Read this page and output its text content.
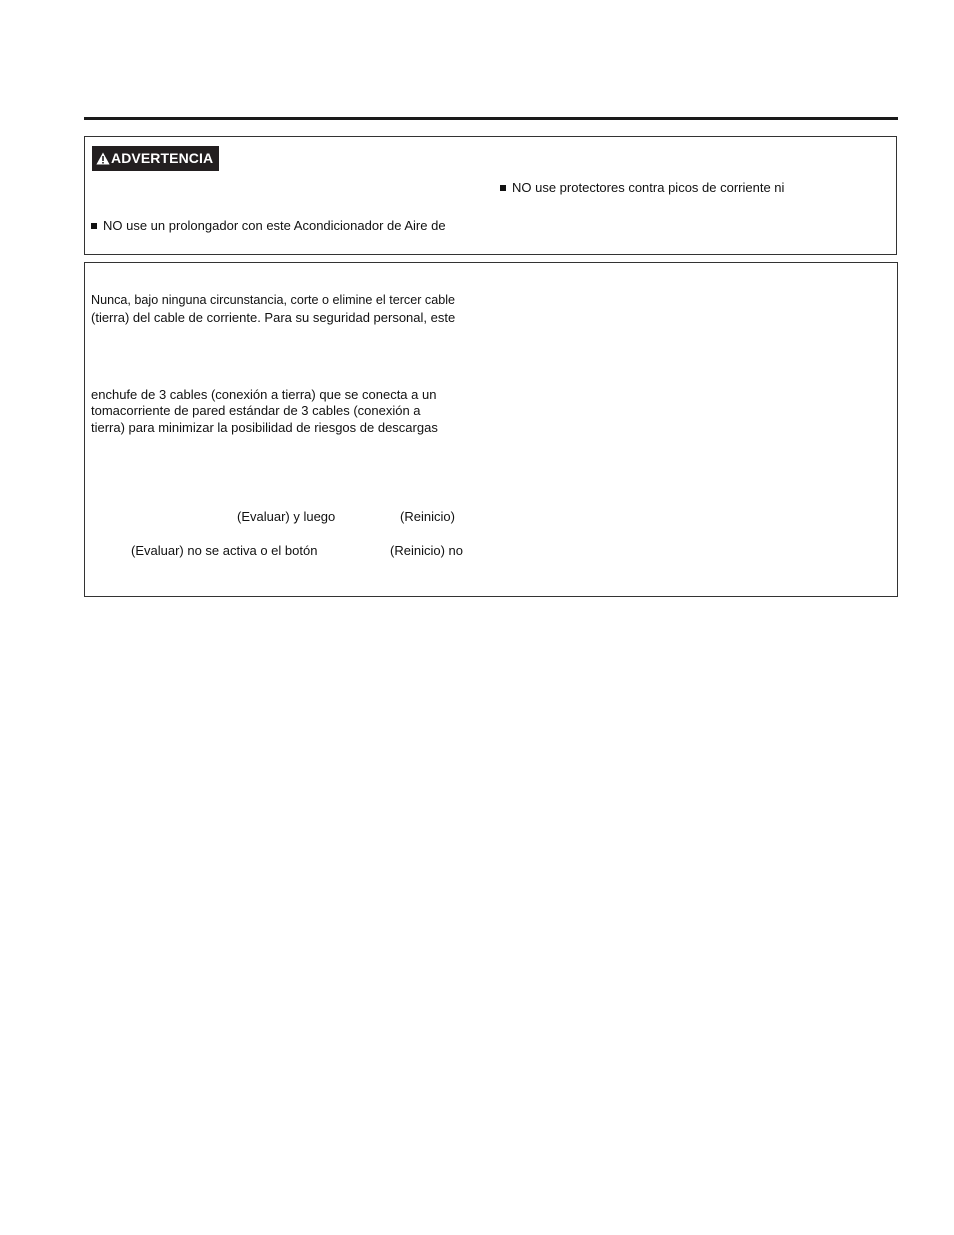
ADVERTENCIA
NO use protectores contra picos de corriente ni
NO use un prolongador con este Acondicionador de Aire de
Nunca, bajo ninguna circunstancia, corte o elimine el tercer cable
(tierra) del cable de corriente. Para su seguridad personal, este
enchufe de 3 cables (conexión a tierra) que se conecta a un
tomacorriente de pared estándar de 3 cables (conexión a
tierra) para minimizar la posibilidad de riesgos de descargas
(Evaluar) y luego	(Reinicio)
(Evaluar) no se activa o el botón	(Reinicio) no
